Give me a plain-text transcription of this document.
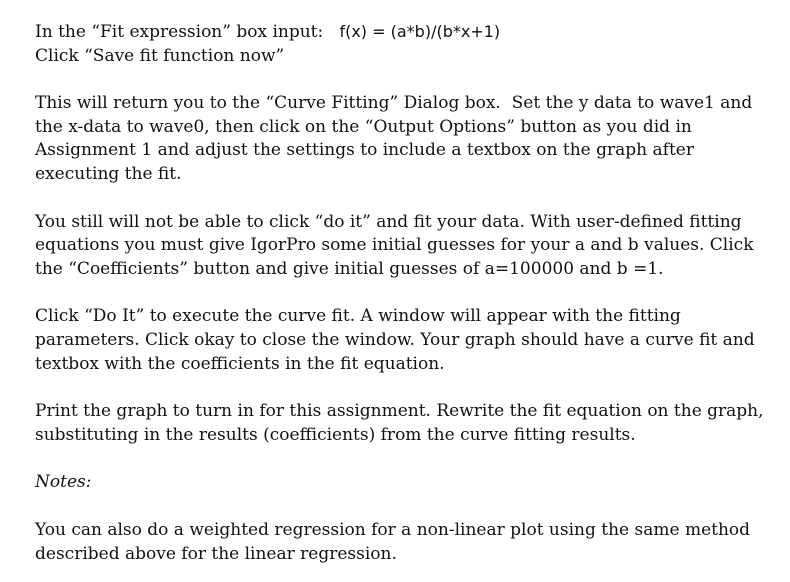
In the “Fit expression” box input:   f(x) = (a*b)/(b*x+1)
Click “Save fit function now”
This will return you to the “Curve Fitting” Dialog box.  Set the y data to wave1 and
the x-data to wave0, then click on the “Output Options” button as you did in
Assignment 1 and adjust the settings to include a textbox on the graph after
executing the fit.
You still will not be able to click “do it” and fit your data. With user-defined fitting
equations you must give IgorPro some initial guesses for your a and b values. Click
the “Coefficients” button and give initial guesses of a=100000 and b =1.
Click “Do It” to execute the curve fit. A window will appear with the fitting
parameters. Click okay to close the window. Your graph should have a curve fit and
textbox with the coefficients in the fit equation.
Print the graph to turn in for this assignment. Rewrite the fit equation on the graph,
substituting in the results (coefficients) from the curve fitting results.
Notes:
You can also do a weighted regression for a non-linear plot using the same method
described above for the linear regression.
